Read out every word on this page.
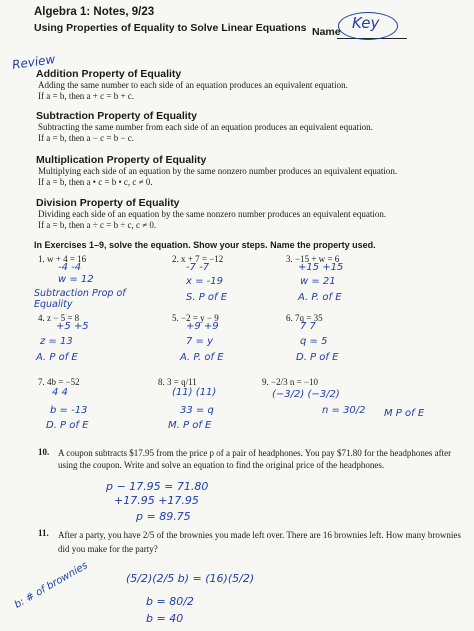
Algebra 1: Notes, 9/23
Using Properties of Equality to Solve Linear Equations Name Key
Review
Addition Property of Equality
Adding the same number to each side of an equation produces an equivalent equation.
If a = b, then a + c = b + c.
Subtraction Property of Equality
Subtracting the same number from each side of an equation produces an equivalent equation.
If a = b, then a − c = b − c.
Multiplication Property of Equality
Multiplying each side of an equation by the same nonzero number produces an equivalent equation.
If a = b, then a • c = b • c, c ≠ 0.
Division Property of Equality
Dividing each side of an equation by the same nonzero number produces an equivalent equation.
If a = b, then a ÷ c = b ÷ c, c ≠ 0.
In Exercises 1–9, solve the equation. Show your steps. Name the property used.
1. w + 4 = 16
-4 -4
w = 12
Subtraction Prop of Equality
2. x + 7 = −12
-7 -7
x = -19
S. P of E
3. −15 + w = 6
+15 +15
w = 21
A. P. of E
4. z − 5 = 8
+5 +5
z = 13
A. P of E
5. −2 = y − 9
+9 +9
7 = y
A. P. of E
6. 7q = 35
7 7
q = 5
D. P of E
7. 4b = −52
4 4
b = -13
D. P of E
8. 3 = q/11
(11) (11)
33 = q
M. P of E
9. −2/3 n = −10
(−3/2) (−3/2)
n = 30/2 M P of E
10. A coupon subtracts $17.95 from the price p of a pair of headphones. You pay $71.80 for the headphones after using the coupon. Write and solve an equation to find the original price of the headphones.
p − 17.95 = 71.80
+17.95 +17.95
p = 89.75
11. After a party, you have 2/5 of the brownies you made left over. There are 16 brownies left. How many brownies did you make for the party?
b: # of brownies	(5/2)(2/5 b) = (16)(5/2)
b = 80/2
b = 40
